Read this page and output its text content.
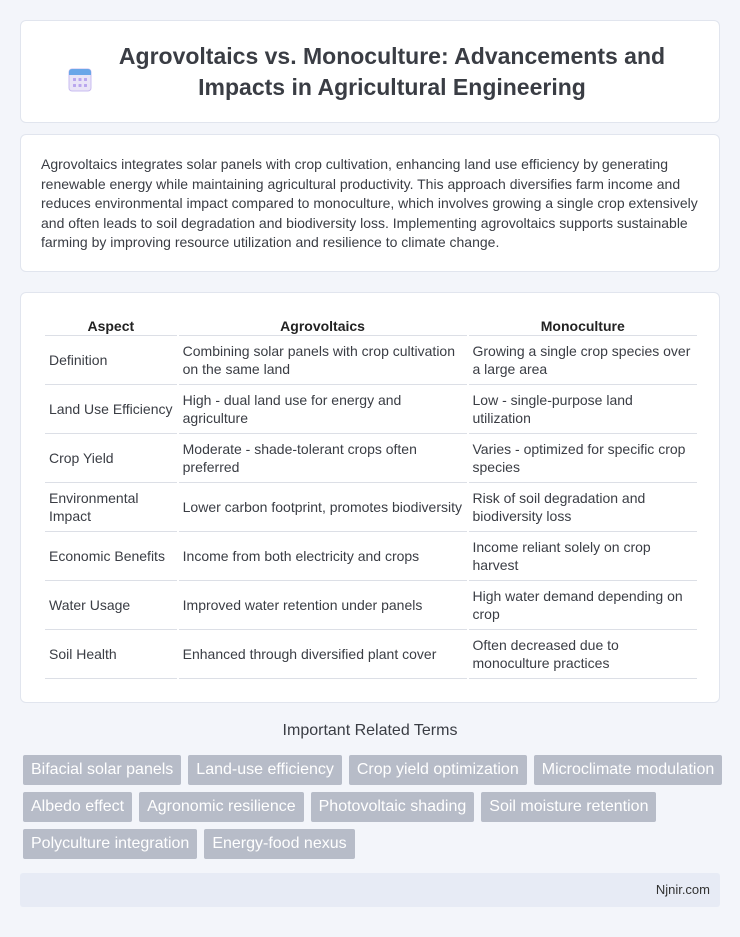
Agrovoltaics vs. Monoculture: Advancements and Impacts in Agricultural Engineering

Agrovoltaics integrates solar panels with crop cultivation, enhancing land use efficiency by generating renewable energy while maintaining agricultural productivity. This approach diversifies farm income and reduces environmental impact compared to monoculture, which involves growing a single crop extensively and often leads to soil degradation and biodiversity loss. Implementing agrovoltaics supports sustainable farming by improving resource utilization and resilience to climate change.

Aspect	Agrovoltaics	Monoculture
Definition	Combining solar panels with crop cultivation on the same land	Growing a single crop species over a large area
Land Use Efficiency	High - dual land use for energy and agriculture	Low - single-purpose land utilization
Crop Yield	Moderate - shade-tolerant crops often preferred	Varies - optimized for specific crop species
Environmental Impact	Lower carbon footprint, promotes biodiversity	Risk of soil degradation and biodiversity loss
Economic Benefits	Income from both electricity and crops	Income reliant solely on crop harvest
Water Usage	Improved water retention under panels	High water demand depending on crop
Soil Health	Enhanced through diversified plant cover	Often decreased due to monoculture practices
Important Related Terms
Bifacial solar panels	Land-use efficiency	Crop yield optimization	Microclimate modulation
Albedo effect	Agronomic resilience	Photovoltaic shading	Soil moisture retention
Polyculture integration	Energy-food nexus
Njnir.com
